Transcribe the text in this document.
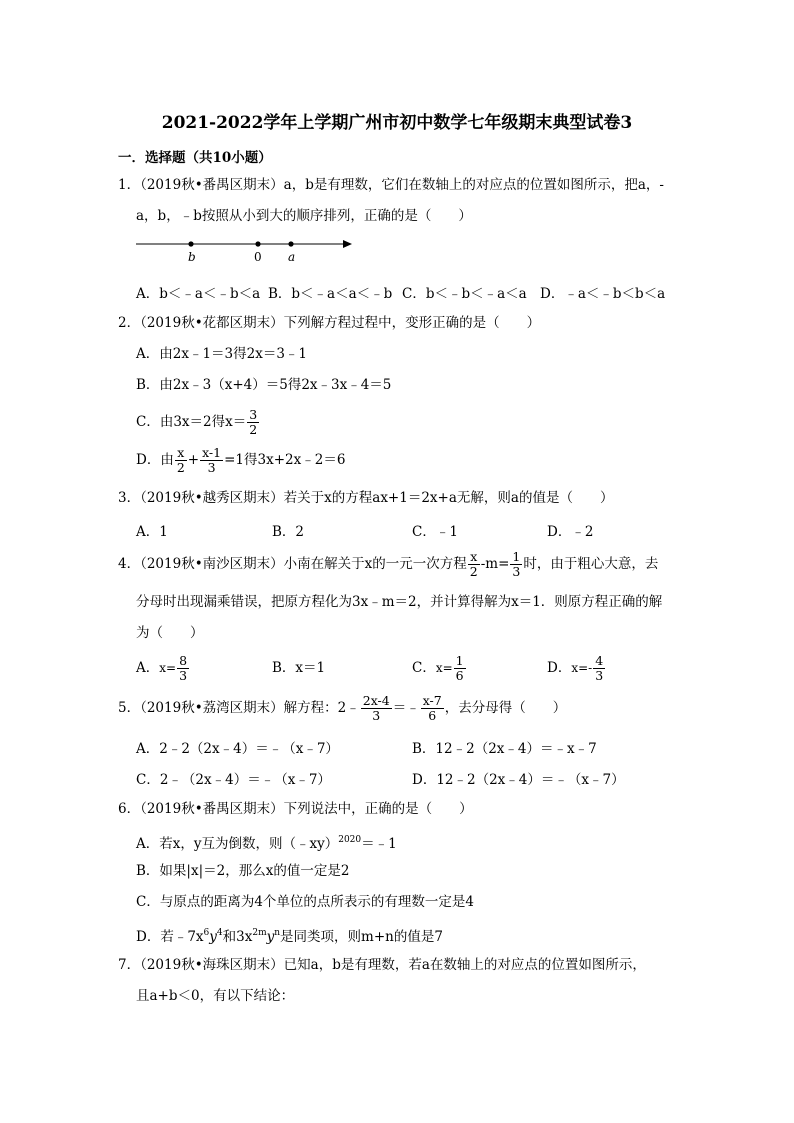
2021-2022学年上学期广州市初中数学七年级期末典型试卷3
一．选择题（共10小题）
1．（2019秋•番禺区期末）a，b是有理数，它们在数轴上的对应点的位置如图所示，把a，-
a，b，﹣b按照从小到大的顺序排列，正确的是（　　）
b	0 a
A．b＜﹣a＜﹣b＜a B．b＜﹣a＜a＜﹣b C．b＜﹣b＜﹣a＜a D．﹣a＜﹣b＜b＜a
2．（2019秋•花都区期末）下列解方程过程中，变形正确的是（　　）
A．由2x﹣1＝3得2x＝3﹣1
B．由2x﹣3（x+4）＝5得2x﹣3x﹣4＝5
C．由3x＝2得$x= \frac{3}{2}$
D．由 $\frac{x}{2} + \frac{x-1}{3} =1$得3x+2x﹣2＝6
3．（2019秋•越秀区期末）若关于x的方程ax+1＝2x+a无解，则a的值是（　　）
A．1	B．2	C．﹣1	D．﹣2
4．（2019秋•南沙区期末）小南在解关于x的一元一次方程 $\frac{x}{2} -m= \frac{1}{3}$ 时，由于粗心大意，去
分母时出现漏乘错误，把原方程化为3x﹣m＝2，并计算得解为x＝1．则原方程正确的解
为（　　）
A．$x= \frac{8}{3}$	B．x＝1	C．$x= \frac{1}{6}$	D．$x=- \frac{4}{3}$
5．（2019秋•荔湾区期末）解方程：2﹣ $\frac{2x-4}{3}$ ＝﹣ $\frac{x-7}{6}$ ，去分母得（　　）
A．2﹣2（2x﹣4）＝﹣（x﹣7）	B．12﹣2（2x﹣4）＝﹣x﹣7
C．2﹣（2x﹣4）＝﹣（x﹣7）	D．12﹣2（2x﹣4）＝﹣（x﹣7）
6．（2019秋•番禺区期末）下列说法中，正确的是（　　）
A．若x，y互为倒数，则（﹣xy）$^{2020}$＝﹣1
B．如果|x|＝2，那么x的值一定是2
C．与原点的距离为4个单位的点所表示的有理数一定是4
D．若$﹣7x^6y^4$和$3x^{2m}y^n$是同类项，则m+n的值是7
7．（2019秋•海珠区期末）已知a，b是有理数，若a在数轴上的对应点的位置如图所示，
且a+b＜0，有以下结论：
